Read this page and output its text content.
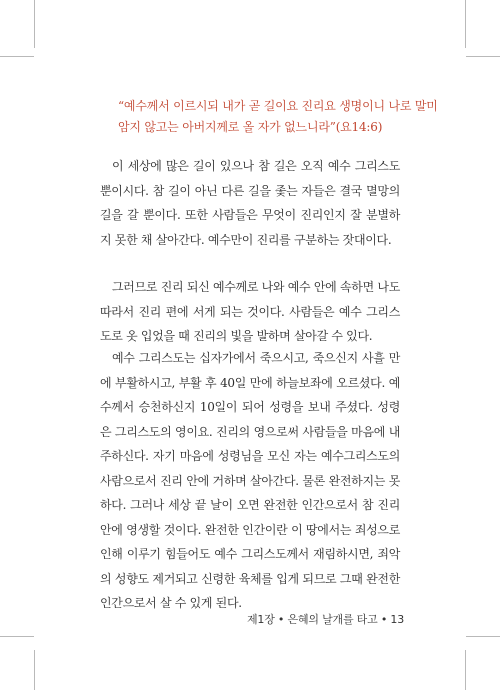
“예수께서 이르시되 내가 곧 길이요 진리요 생명이니 나로 말미암지 않고는 아버지께로 올 자가 없느니라”(요14:6)

이 세상에 많은 길이 있으나 참 길은 오직 예수 그리스도 뿐이시다. 참 길이 아닌 다른 길을 좇는 자들은 결국 멸망의 길을 갈 뿐이다. 또한 사람들은 무엇이 진리인지 잘 분별하지 못한 채 살아간다. 예수만이 진리를 구분하는 잣대이다.

그러므로 진리 되신 예수께로 나와 예수 안에 속하면 나도 따라서 진리 편에 서게 되는 것이다. 사람들은 예수 그리스도로 옷 입었을 때 진리의 빛을 발하며 살아갈 수 있다.

예수 그리스도는 십자가에서 죽으시고, 죽으신지 사흘 만에 부활하시고, 부활 후 40일 만에 하늘보좌에 오르셨다. 예수께서 승천하신지 10일이 되어 성령을 보내 주셨다. 성령은 그리스도의 영이요. 진리의 영으로써 사람들을 마음에 내주하신다. 자기 마음에 성령님을 모신 자는 예수그리스도의 사람으로서 진리 안에 거하며 살아간다. 물론 완전하지는 못하다. 그러나 세상 끝 날이 오면 완전한 인간으로서 참 진리 안에 영생할 것이다. 완전한 인간이란 이 땅에서는 죄성으로 인해 이루기 힘들어도 예수 그리스도께서 재림하시면, 죄악의 성향도 제거되고 신령한 육체를 입게 되므로 그때 완전한 인간으로서 살 수 있게 된다.

제1장 • 은혜의 날개를 타고 • 13
